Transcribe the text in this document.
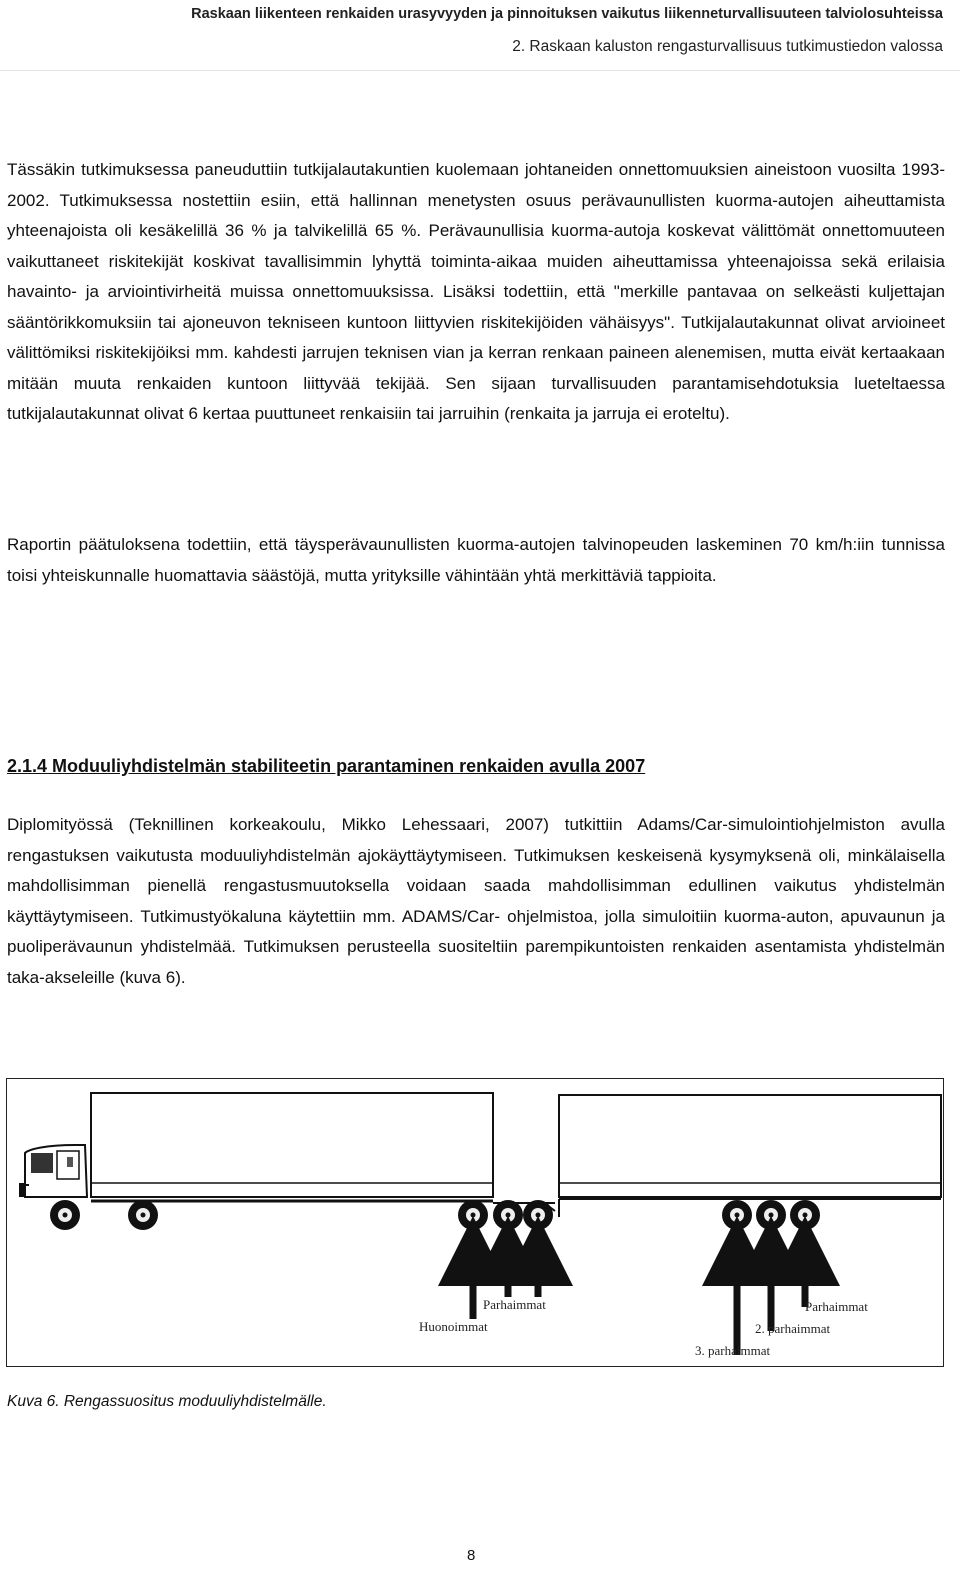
Raskaan liikenteen renkaiden urasyvyyden ja pinnoituksen vaikutus liikenneturvallisuuteen talviolosuhteissa
2. Raskaan kaluston rengasturvallisuus tutkimustiedon valossa

Tässäkin tutkimuksessa paneuduttiin tutkijalautakuntien kuolemaan johtaneiden onnettomuuksien aineistoon vuosilta 1993-2002. Tutkimuksessa nostettiin esiin, että hallinnan menetysten osuus perävaunullisten kuorma-autojen aiheuttamista yhteenajoista oli kesäkelillä 36 % ja talvikelillä 65 %. Perävaunullisia kuorma-autoja koskevat välittömät onnettomuuteen vaikuttaneet riskitekijät koskivat tavallisimmin lyhyttä toiminta-aikaa muiden aiheuttamissa yhteenajoissa sekä erilaisia havainto- ja arviointivirheitä muissa onnettomuuksissa. Lisäksi todettiin, että "merkille pantavaa on selkeästi kuljettajan sääntörikkomuksiin tai ajoneuvon tekniseen kuntoon liittyvien riskitekijöiden vähäisyys". Tutkijalautakunnat olivat arvioineet välittömiksi riskitekijöiksi mm. kahdesti jarrujen teknisen vian ja kerran renkaan paineen alenemisen, mutta eivät kertaakaan mitään muuta renkaiden kuntoon liittyvää tekijää. Sen sijaan turvallisuuden parantamisehdotuksia lueteltaessa tutkijalautakunnat olivat 6 kertaa puuttuneet renkaisiin tai jarruihin (renkaita ja jarruja ei eroteltu).

Raportin päätuloksena todettiin, että täysperävaunullisten kuorma-autojen talvinopeuden laskeminen 70 km/h:iin tunnissa toisi yhteiskunnalle huomattavia säästöjä, mutta yrityksille vähintään yhtä merkittäviä tappioita.

2.1.4 Moduuliyhdistelmän stabiliteetin parantaminen renkaiden avulla 2007

Diplomityössä (Teknillinen korkeakoulu, Mikko Lehessaari, 2007) tutkittiin Adams/Car-simulointiohjelmiston avulla rengastuksen vaikutusta moduuliyhdistelmän ajokäyttäytymiseen. Tutkimuksen keskeisenä kysymyksenä oli, minkälaisella mahdollisimman pienellä rengastusmuutoksella voidaan saada mahdollisimman edullinen vaikutus yhdistelmän käyttäytymiseen. Tutkimustyökaluna käytettiin mm. ADAMS/Car- ohjelmistoa, jolla simuloitiin kuorma-auton, apuvaunun ja puoliperävaunun yhdistelmää. Tutkimuksen perusteella suositeltiin parempikuntoisten renkaiden asentamista yhdistelmän taka-akseleille (kuva 6).

Parhaimmat
Huonoimmat
Parhaimmat
2. parhaimmat
3. parhaimmat
Kuva 6. Rengassuositus moduuliyhdistelmälle.
8
